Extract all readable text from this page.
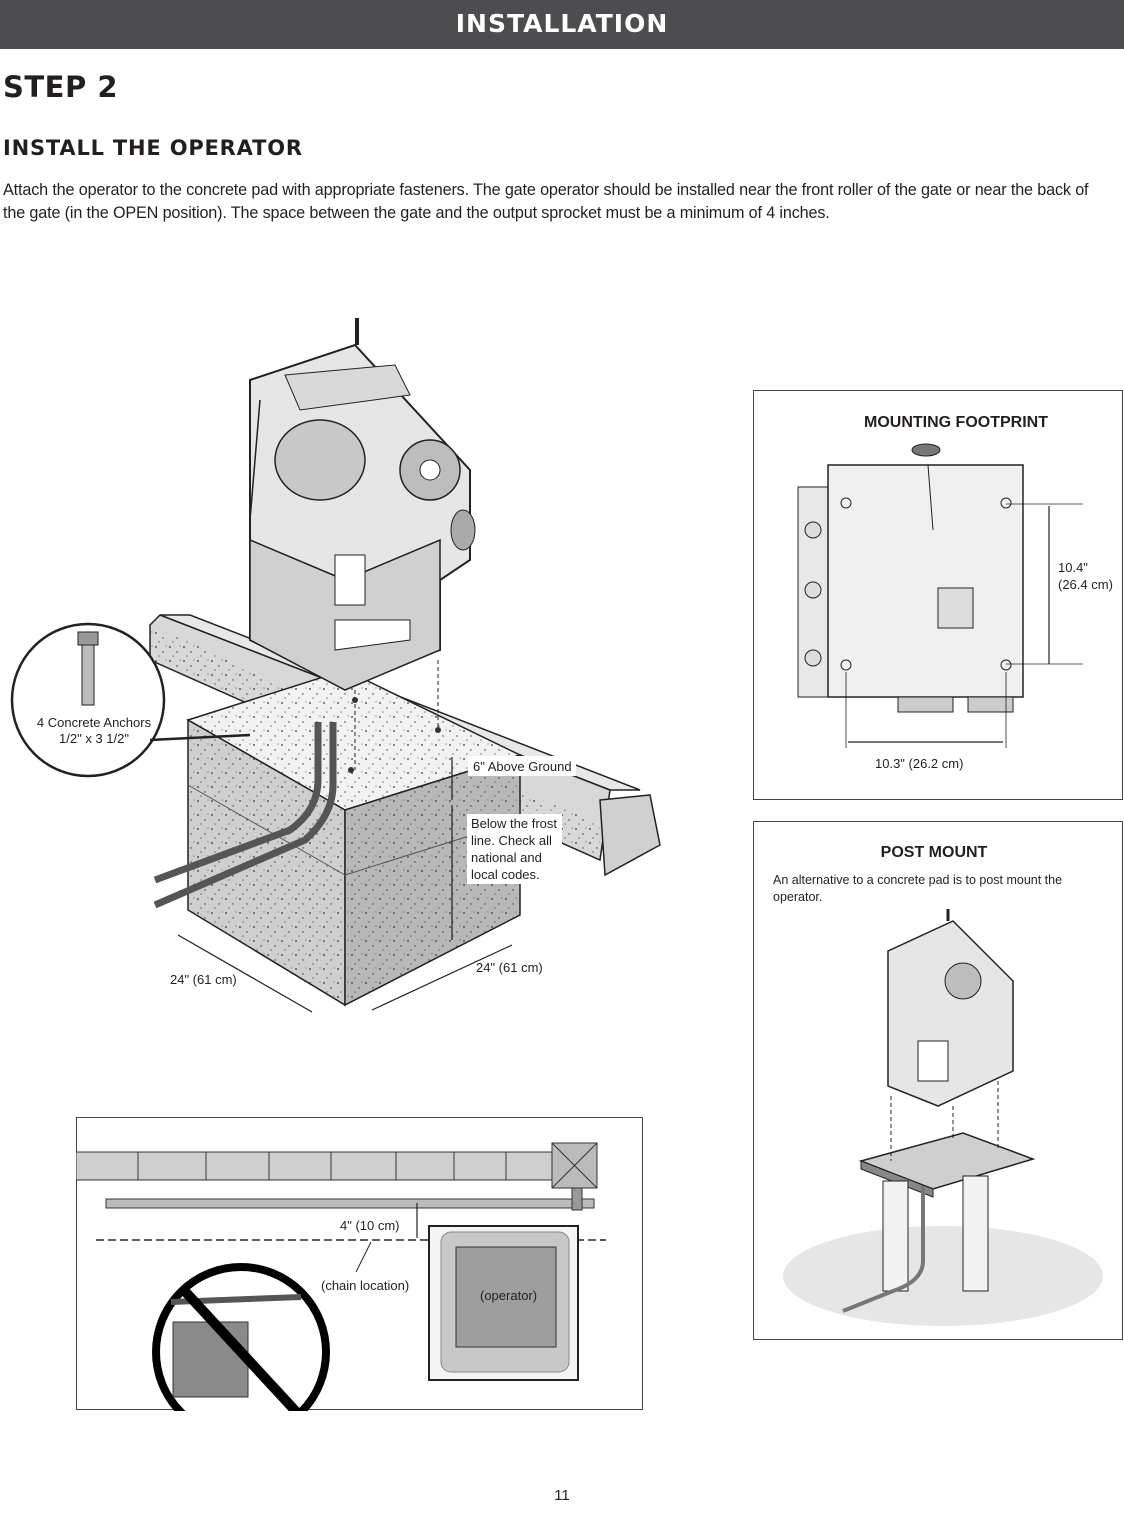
INSTALLATION
STEP 2
INSTALL THE OPERATOR
Attach the operator to the concrete pad with appropriate fasteners. The gate operator should be installed near the front roller of the gate or near the back of the gate (in the OPEN position). The space between the gate and the output sprocket must be a minimum of 4 inches.
4 Concrete Anchors
1/2" x 3 1/2"
6" Above Ground
Below the frost
line. Check all
national and
local codes.
24" (61 cm)
24" (61 cm)
MOUNTING FOOTPRINT
10.4"
(26.4 cm)
10.3" (26.2 cm)
POST MOUNT
An alternative to a concrete pad is to post mount the
operator.
4" (10 cm)
(chain location)
(operator)
11
